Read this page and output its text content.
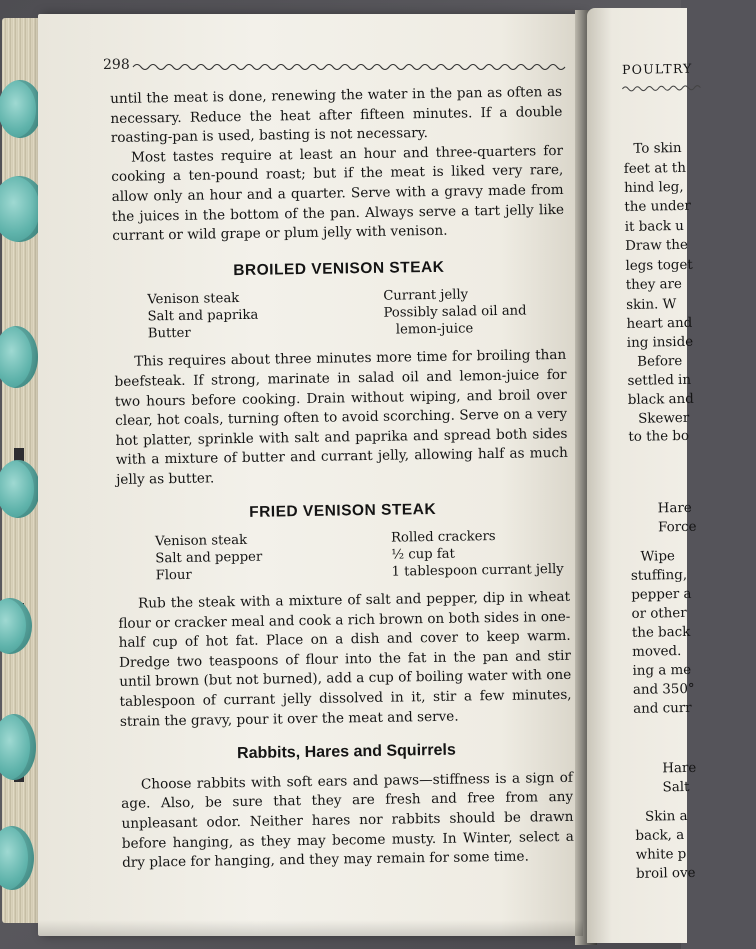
POULTRY
To skin
feet at th
hind leg,
the under
it back u
Draw the
legs toget
they are
skin. W
heart and
ing inside
Before
settled in
black and
Skewer
to the bo
Hare
Force
Wipe
stuffing,
pepper a
or other
the back
moved.
ing a me
and 350°
and curr
Hare
Salt
Skin a
back, a
white p
broil ove
298

until the meat is done, renewing the water in the pan as often as necessary. Reduce the heat after fifteen minutes. If a double roasting-pan is used, basting is not necessary.

Most tastes require at least an hour and three-quarters for cooking a ten-pound roast; but if the meat is liked very rare, allow only an hour and a quarter. Serve with a gravy made from the juices in the bottom of the pan. Always serve a tart jelly like currant or wild grape or plum jelly with venison.

BROILED VENISON STEAK
Venison steak
Salt and paprika
Butter
Currant jelly
Possibly salad oil and
lemon-juice

This requires about three minutes more time for broiling than beefsteak. If strong, marinate in salad oil and lemon-juice for two hours before cooking. Drain without wiping, and broil over clear, hot coals, turning often to avoid scorching. Serve on a very hot platter, sprinkle with salt and paprika and spread both sides with a mixture of butter and currant jelly, allowing half as much jelly as butter.

FRIED VENISON STEAK
Venison steak
Salt and pepper
Flour
Rolled crackers
½ cup fat
1 tablespoon currant jelly

Rub the steak with a mixture of salt and pepper, dip in wheat flour or cracker meal and cook a rich brown on both sides in one-half cup of hot fat. Place on a dish and cover to keep warm. Dredge two teaspoons of flour into the fat in the pan and stir until brown (but not burned), add a cup of boiling water with one tablespoon of currant jelly dissolved in it, stir a few minutes, strain the gravy, pour it over the meat and serve.

Rabbits, Hares and Squirrels

Choose rabbits with soft ears and paws—stiffness is a sign of age. Also, be sure that they are fresh and free from any unpleasant odor. Neither hares nor rabbits should be drawn before hanging, as they may become musty. In Winter, select a dry place for hanging, and they may remain for some time.
